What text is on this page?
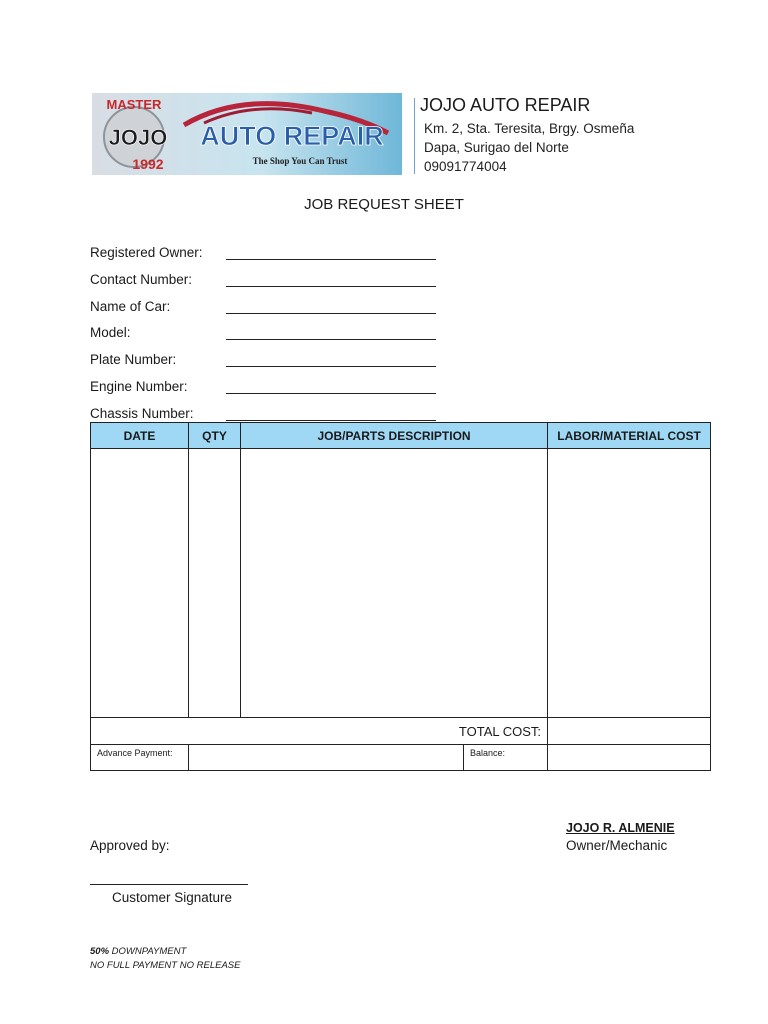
MASTER
JOJO
1992
AUTO REPAIR
The Shop You Can Trust
JOJO AUTO REPAIR
Km. 2, Sta. Teresita, Brgy. Osmeña
Dapa, Surigao del Norte
09091774004
JOB REQUEST SHEET
Registered Owner:
Contact Number:
Name of Car:
Model:
Plate Number:
Engine Number:
Chassis Number:
DATE	QTY	JOB/PARTS DESCRIPTION		LABOR/MATERIAL COST

TOTAL COST:				
Advance Payment:			Balance:	
JOJO R. ALMENIE
Owner/Mechanic
Approved by:
Customer Signature
50% DOWNPAYMENT
NO FULL PAYMENT NO RELEASE
